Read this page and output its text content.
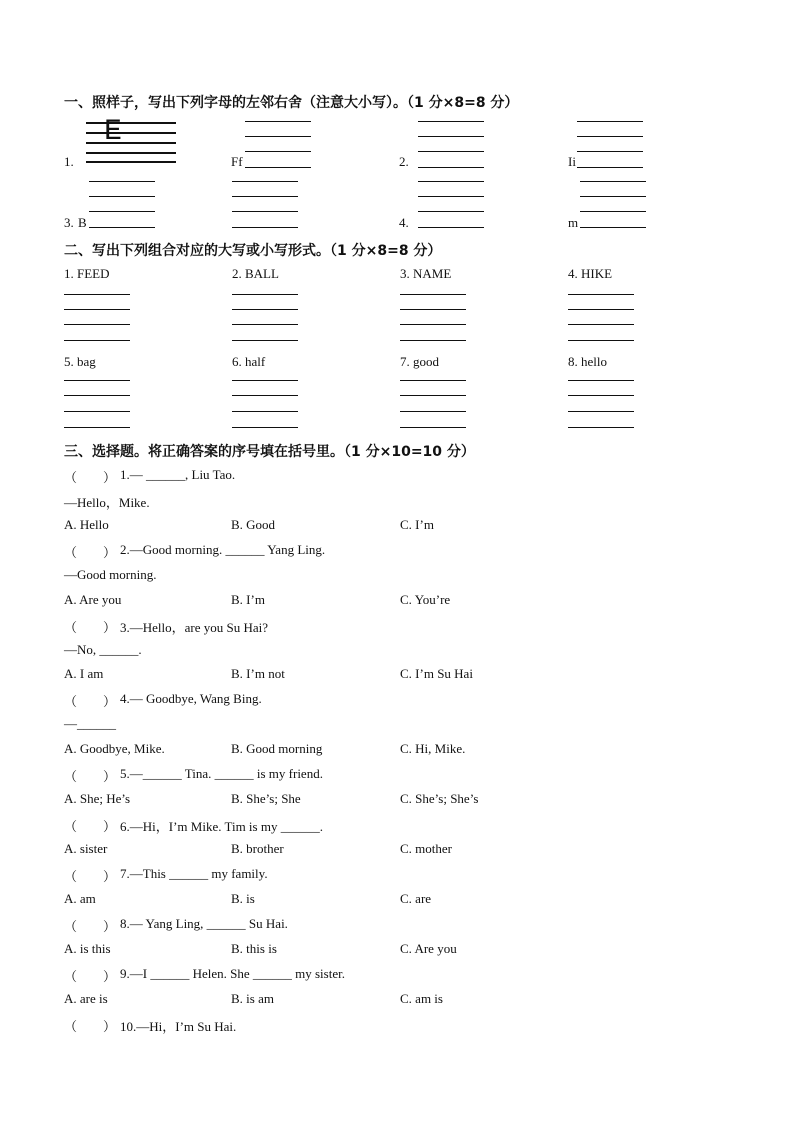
一、照样子，写出下列字母的左邻右舍（注意大小写）。（1 分×8=8 分）
E
1.	Ff	2.	Ii
3. B	4.	m
二、写出下列组合对应的大写或小写形式。（1 分×8=8 分）
1. FEED	2. BALL	3. NAME	4. HIKE
5. bag	6. half	7. good	8. hello
三、选择题。将正确答案的序号填在括号里。（1 分×10=10 分）
（　　） 1.— ______, Liu Tao.
—Hello，Mike.
A. Hello	B. Good	C. I’m
（　　） 2.—Good morning. ______ Yang Ling.
—Good morning.
A. Are you	B. I’m	C. You’re
（　　） 3.—Hello，are you Su Hai?
—No, ______.
A. I am	B. I’m not	C. I’m Su Hai
（　　） 4.— Goodbye, Wang Bing.
—______
A. Goodbye, Mike.	B. Good morning	C. Hi, Mike.
（　　） 5.—______ Tina. ______ is my friend.
A. She; He’s	B. She’s; She	C. She’s; She’s
（　　） 6.—Hi，I’m Mike. Tim is my ______.
A. sister	B. brother	C. mother
（　　） 7.—This ______ my family.
A. am	B. is	C. are
（　　） 8.— Yang Ling, ______ Su Hai.
A. is this	B. this is	C. Are you
（　　） 9.—I ______ Helen. She ______ my sister.
A. are is	B. is am	C. am is
（　　） 10.—Hi，I’m Su Hai.
